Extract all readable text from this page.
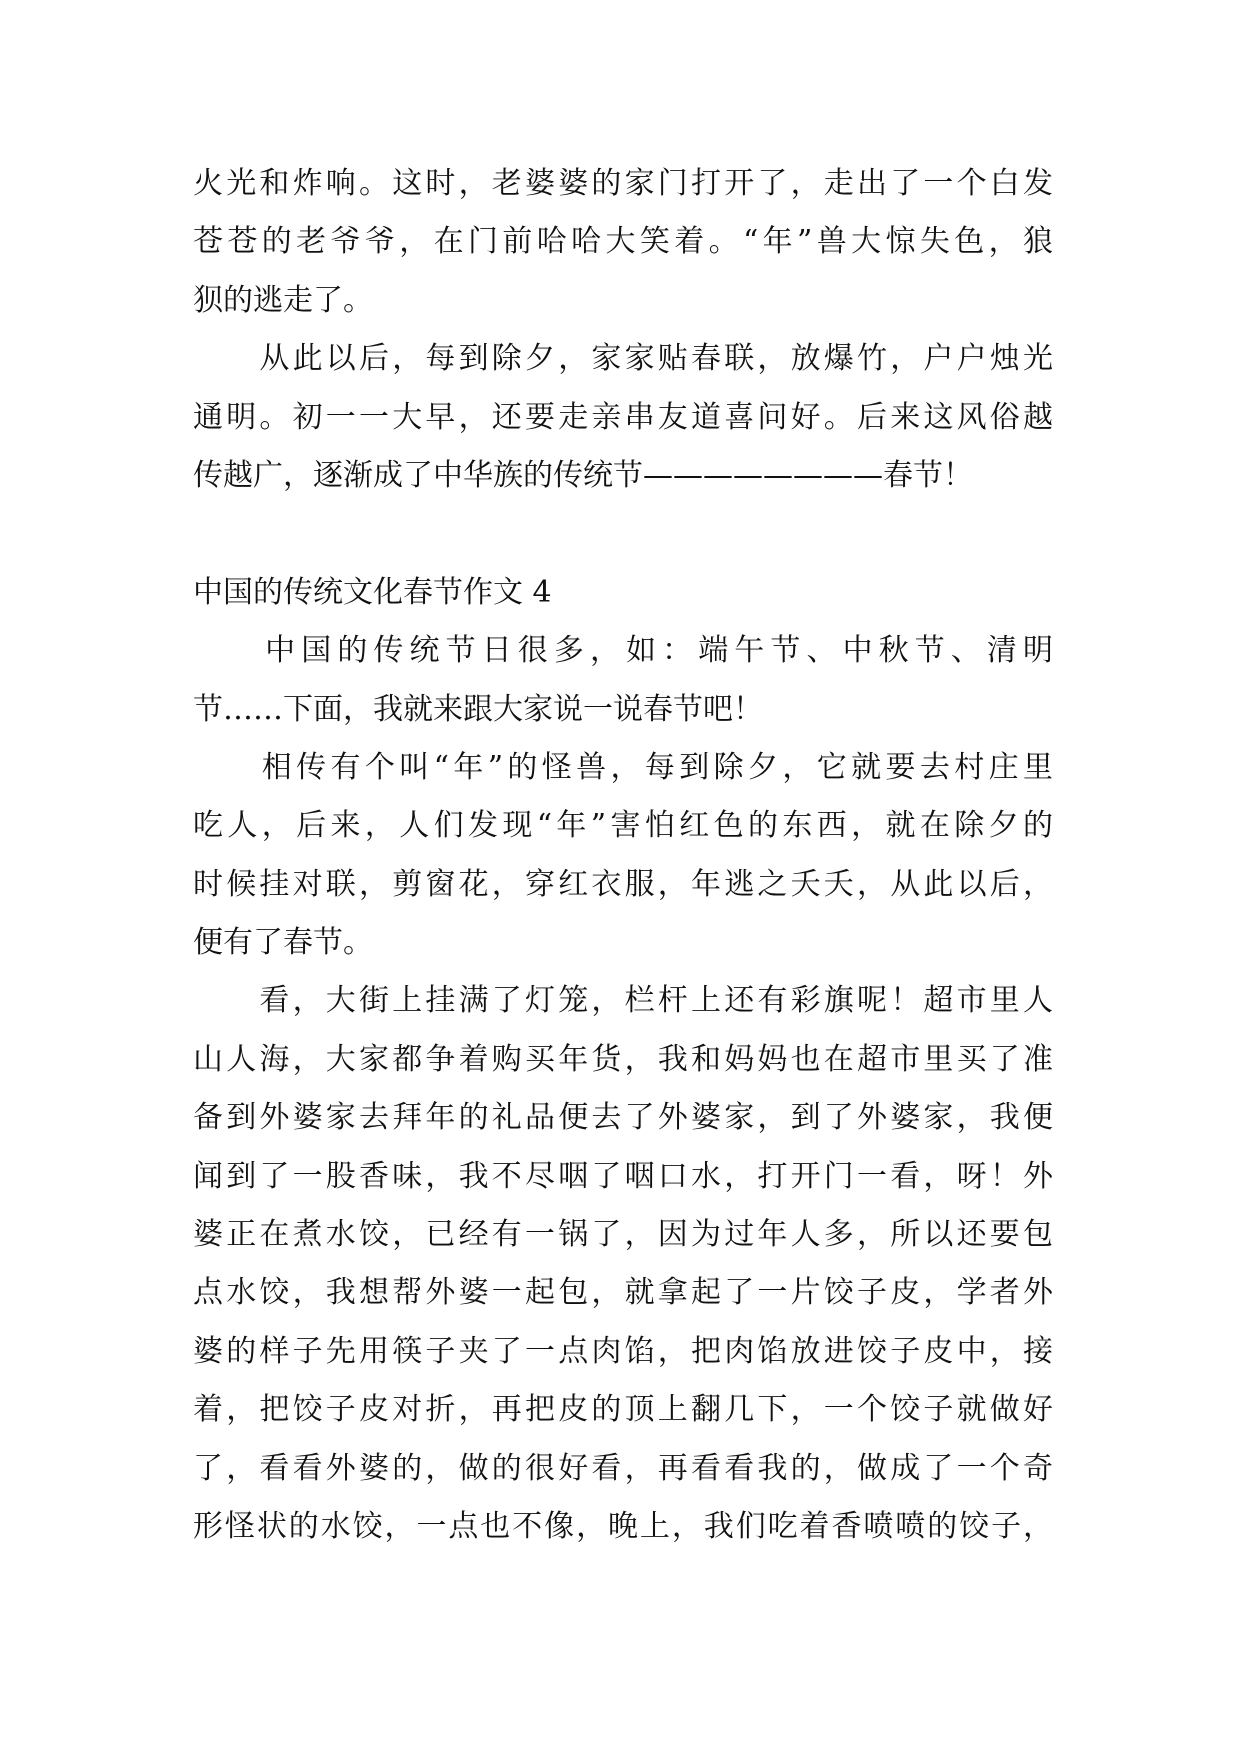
火光和炸响。这时，老婆婆的家门打开了，走出了一个白发
苍苍的老爷爷，在门前哈哈大笑着。“年”兽大惊失色，狼
狈的逃走了。
　　从此以后，每到除夕，家家贴春联，放爆竹，户户烛光
通明。初一一大早，还要走亲串友道喜问好。后来这风俗越
传越广，逐渐成了中华族的传统节————————春节！
中国的传统文化春节作文 4
　　中国的传统节日很多，如：端午节、中秋节、清明
节……下面，我就来跟大家说一说春节吧！
　　相传有个叫“年”的怪兽，每到除夕，它就要去村庄里
吃人，后来，人们发现“年”害怕红色的东西，就在除夕的
时候挂对联，剪窗花，穿红衣服，年逃之夭夭，从此以后，
便有了春节。
　　看，大街上挂满了灯笼，栏杆上还有彩旗呢！超市里人
山人海，大家都争着购买年货，我和妈妈也在超市里买了准
备到外婆家去拜年的礼品便去了外婆家，到了外婆家，我便
闻到了一股香味，我不尽咽了咽口水，打开门一看，呀！外
婆正在煮水饺，已经有一锅了，因为过年人多，所以还要包
点水饺，我想帮外婆一起包，就拿起了一片饺子皮，学者外
婆的样子先用筷子夹了一点肉馅，把肉馅放进饺子皮中，接
着，把饺子皮对折，再把皮的顶上翻几下，一个饺子就做好
了，看看外婆的，做的很好看，再看看我的，做成了一个奇
形怪状的水饺，一点也不像，晚上，我们吃着香喷喷的饺子，
